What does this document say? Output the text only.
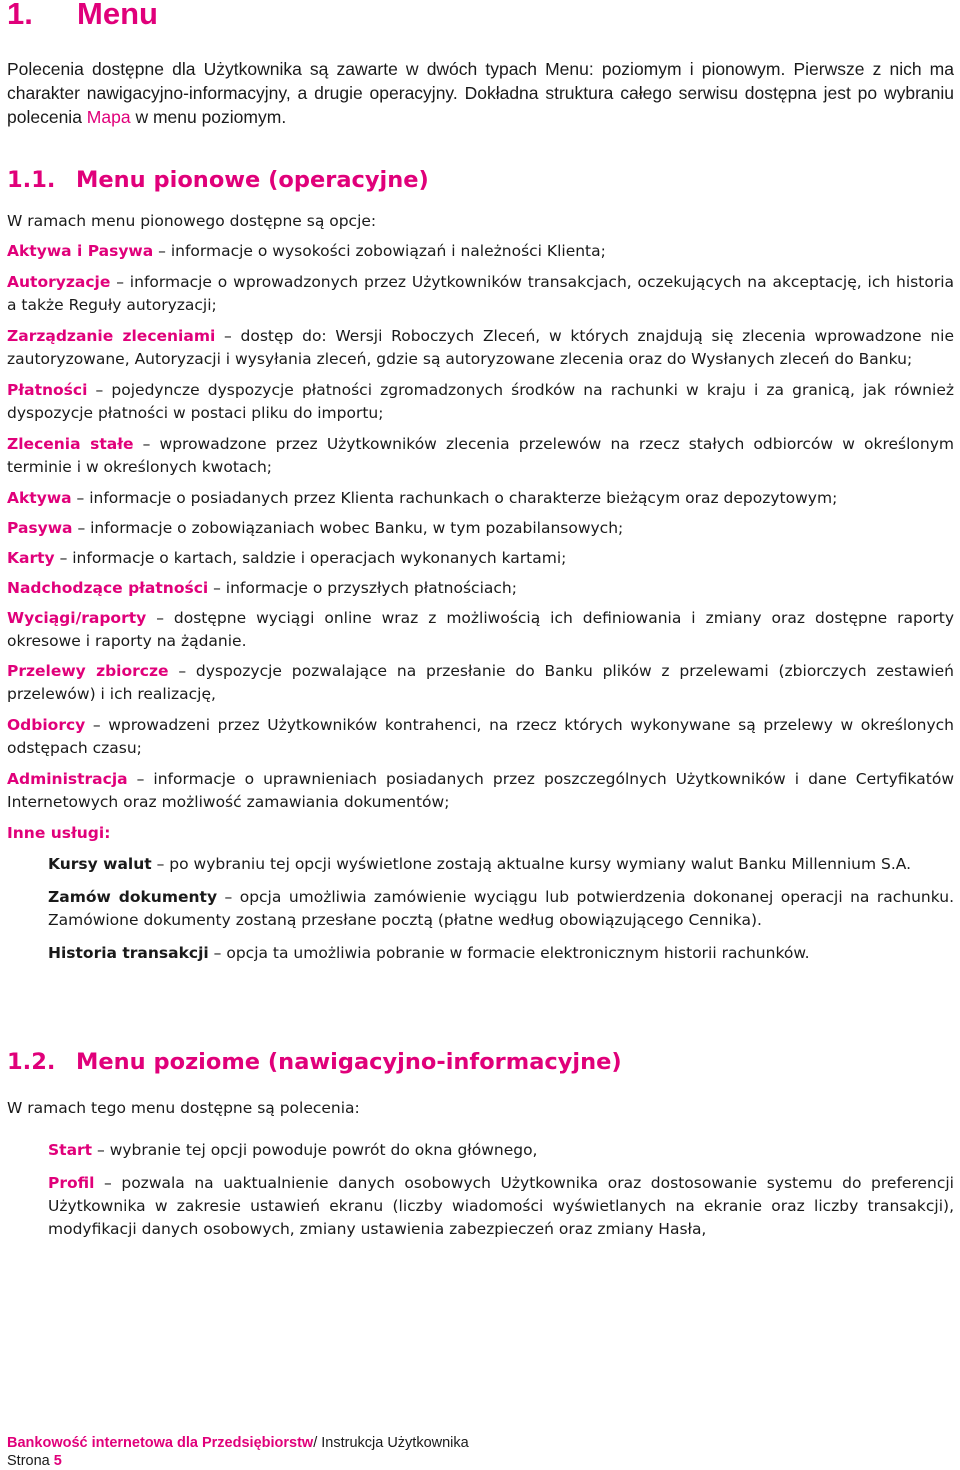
1. Menu

Polecenia dostępne dla Użytkownika są zawarte w dwóch typach Menu: poziomym i pionowym. Pierwsze z nich ma charakter nawigacyjno-informacyjny, a drugie operacyjny. Dokładna struktura całego serwisu dostępna jest po wybraniu polecenia Mapa w menu poziomym.

1.1. Menu pionowe (operacyjne)

W ramach menu pionowego dostępne są opcje:

Aktywa i Pasywa – informacje o wysokości zobowiązań i należności Klienta;

Autoryzacje – informacje o wprowadzonych przez Użytkowników transakcjach, oczekujących na akceptację, ich historia a także Reguły autoryzacji;

Zarządzanie zleceniami – dostęp do: Wersji Roboczych Zleceń, w których znajdują się zlecenia wprowadzone nie zautoryzowane, Autoryzacji i wysyłania zleceń, gdzie są autoryzowane zlecenia oraz do Wysłanych zleceń do Banku;

Płatności – pojedyncze dyspozycje płatności zgromadzonych środków na rachunki w kraju i za granicą, jak również dyspozycje płatności w postaci pliku do importu;

Zlecenia stałe – wprowadzone przez Użytkowników zlecenia przelewów na rzecz stałych odbiorców w określonym terminie i w określonych kwotach;

Aktywa – informacje o posiadanych przez Klienta rachunkach o charakterze bieżącym oraz depozytowym;

Pasywa – informacje o zobowiązaniach wobec Banku, w tym pozabilansowych;

Karty – informacje o kartach, saldzie i operacjach wykonanych kartami;

Nadchodzące płatności – informacje o przyszłych płatnościach;

Wyciągi/raporty – dostępne wyciągi online wraz z możliwością ich definiowania i zmiany oraz dostępne raporty okresowe i raporty na żądanie.

Przelewy zbiorcze – dyspozycje pozwalające na przesłanie do Banku plików z przelewami (zbiorczych zestawień przelewów) i ich realizację,

Odbiorcy – wprowadzeni przez Użytkowników kontrahenci, na rzecz których wykonywane są przelewy w określonych odstępach czasu;

Administracja – informacje o uprawnieniach posiadanych przez poszczególnych Użytkowników i dane Certyfikatów Internetowych oraz możliwość zamawiania dokumentów;

Inne usługi:

Kursy walut – po wybraniu tej opcji wyświetlone zostają aktualne kursy wymiany walut Banku Millennium S.A.

Zamów dokumenty – opcja umożliwia zamówienie wyciągu lub potwierdzenia dokonanej operacji na rachunku. Zamówione dokumenty zostaną przesłane pocztą (płatne według obowiązującego Cennika).

Historia transakcji – opcja ta umożliwia pobranie w formacie elektronicznym historii rachunków.

1.2. Menu poziome (nawigacyjno-informacyjne)

W ramach tego menu dostępne są polecenia:

Start – wybranie tej opcji powoduje powrót do okna głównego,

Profil – pozwala na uaktualnienie danych osobowych Użytkownika oraz dostosowanie systemu do preferencji Użytkownika w zakresie ustawień ekranu (liczby wiadomości wyświetlanych na ekranie oraz liczby transakcji), modyfikacji danych osobowych, zmiany ustawienia zabezpieczeń oraz zmiany Hasła,

Bankowość internetowa dla Przedsiębiorstw/ Instrukcja Użytkownika
Strona 5
